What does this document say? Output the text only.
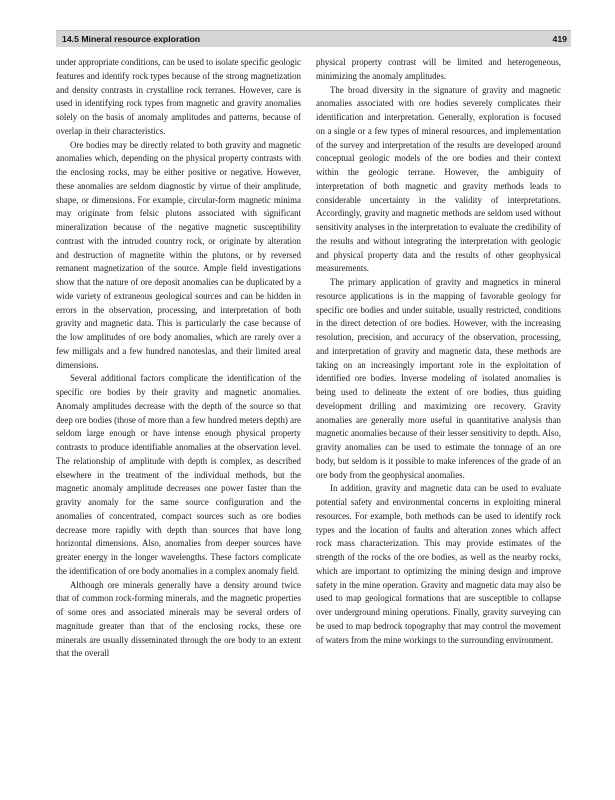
14.5 Mineral resource exploration	419

under appropriate conditions, can be used to isolate specific geologic features and identify rock types because of the strong magnetization and density contrasts in crystalline rock terranes. However, care is used in identifying rock types from magnetic and gravity anomalies solely on the basis of anomaly amplitudes and patterns, because of overlap in their characteristics.

Ore bodies may be directly related to both gravity and magnetic anomalies which, depending on the physical property contrasts with the enclosing rocks, may be either positive or negative. However, these anomalies are seldom diagnostic by virtue of their amplitude, shape, or dimensions. For example, circular-form magnetic minima may originate from felsic plutons associated with significant mineralization because of the negative magnetic susceptibility contrast with the intruded country rock, or originate by alteration and destruction of magnetite within the plutons, or by reversed remanent magnetization of the source. Ample field investigations show that the nature of ore deposit anomalies can be duplicated by a wide variety of extraneous geological sources and can be hidden in errors in the observation, processing, and interpretation of both gravity and magnetic data. This is particularly the case because of the low amplitudes of ore body anomalies, which are rarely over a few milligals and a few hundred nanoteslas, and their limited areal dimensions.

Several additional factors complicate the identification of the specific ore bodies by their gravity and magnetic anomalies. Anomaly amplitudes decrease with the depth of the source so that deep ore bodies (those of more than a few hundred meters depth) are seldom large enough or have intense enough physical property contrasts to produce identifiable anomalies at the observation level. The relationship of amplitude with depth is complex, as described elsewhere in the treatment of the individual methods, but the magnetic anomaly amplitude decreases one power faster than the gravity anomaly for the same source configuration and the anomalies of concentrated, compact sources such as ore bodies decrease more rapidly with depth than sources that have long horizontal dimensions. Also, anomalies from deeper sources have greater energy in the longer wavelengths. These factors complicate the identification of ore body anomalies in a complex anomaly field.

Although ore minerals generally have a density around twice that of common rock-forming minerals, and the magnetic properties of some ores and associated minerals may be several orders of magnitude greater than that of the enclosing rocks, these ore minerals are usually disseminated through the ore body to an extent that the overall

physical property contrast will be limited and heterogeneous, minimizing the anomaly amplitudes.

The broad diversity in the signature of gravity and magnetic anomalies associated with ore bodies severely complicates their identification and interpretation. Generally, exploration is focused on a single or a few types of mineral resources, and implementation of the survey and interpretation of the results are developed around conceptual geologic models of the ore bodies and their context within the geologic terrane. However, the ambiguity of interpretation of both magnetic and gravity methods leads to considerable uncertainty in the validity of interpretations. Accordingly, gravity and magnetic methods are seldom used without sensitivity analyses in the interpretation to evaluate the credibility of the results and without integrating the interpretation with geologic and physical property data and the results of other geophysical measurements.

The primary application of gravity and magnetics in mineral resource applications is in the mapping of favorable geology for specific ore bodies and under suitable, usually restricted, conditions in the direct detection of ore bodies. However, with the increasing resolution, precision, and accuracy of the observation, processing, and interpretation of gravity and magnetic data, these methods are taking on an increasingly important role in the exploitation of identified ore bodies. Inverse modeling of isolated anomalies is being used to delineate the extent of ore bodies, thus guiding development drilling and maximizing ore recovery. Gravity anomalies are generally more useful in quantitative analysis than magnetic anomalies because of their lesser sensitivity to depth. Also, gravity anomalies can be used to estimate the tonnage of an ore body, but seldom is it possible to make inferences of the grade of an ore body from the geophysical anomalies.

In addition, gravity and magnetic data can be used to evaluate potential safety and environmental concerns in exploiting mineral resources. For example, both methods can be used to identify rock types and the location of faults and alteration zones which affect rock mass characterization. This may provide estimates of the strength of the rocks of the ore bodies, as well as the nearby rocks, which are important to optimizing the mining design and improve safety in the mine operation. Gravity and magnetic data may also be used to map geological formations that are susceptible to collapse over underground mining operations. Finally, gravity surveying can be used to map bedrock topography that may control the movement of waters from the mine workings to the surrounding environment.
